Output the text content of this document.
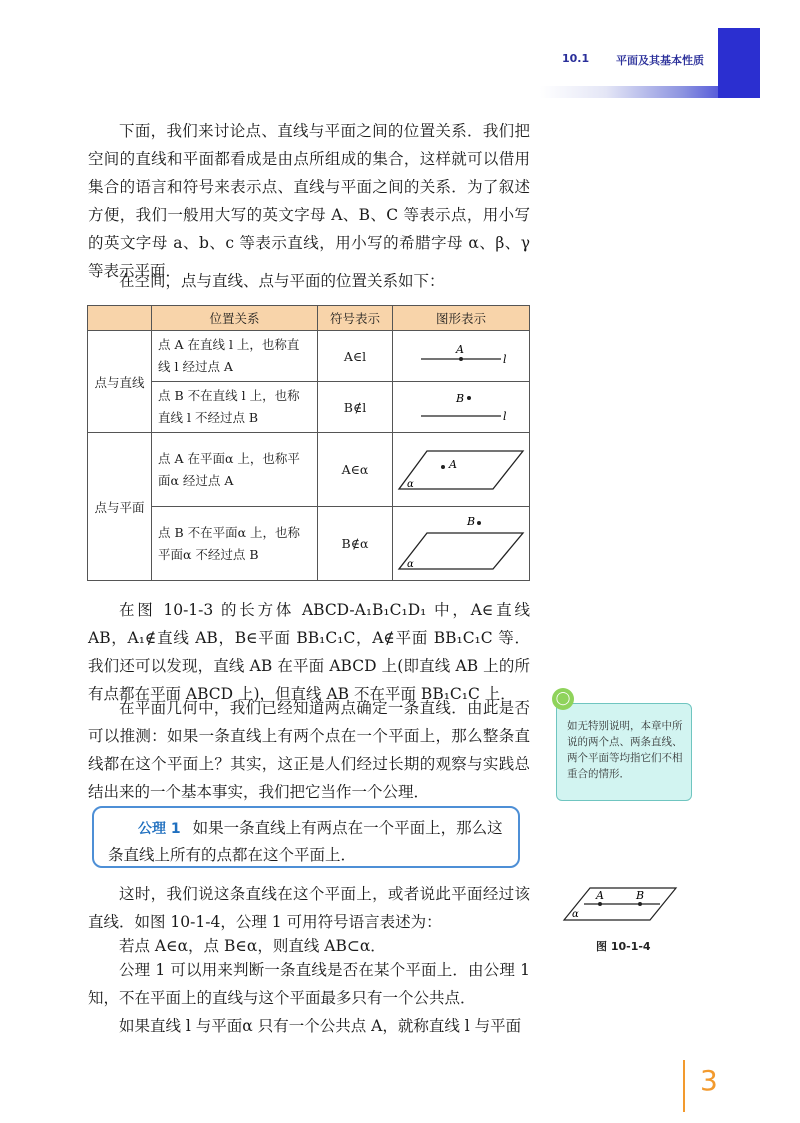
10.1 平面及其基本性质

下面，我们来讨论点、直线与平面之间的位置关系．我们把空间的直线和平面都看成是由点所组成的集合，这样就可以借用集合的语言和符号来表示点、直线与平面之间的关系．为了叙述方便，我们一般用大写的英文字母 A、B、C 等表示点，用小写的英文字母 a、b、c 等表示直线，用小写的希腊字母 α、β、γ 等表示平面．

在空间，点与直线、点与平面的位置关系如下：

	位置关系	符号表示	图形表示
点与直线	点 A 在直线 l 上，也称直线 l 经过点 A	A∈l	A
l

	点 B 不在直线 l 上，也称直线 l 不经过点 B	B∉l	B
l

点与平面	点 A 在平面α 上，也称平面α 经过点 A	A∈α	A
α

	点 B 不在平面α 上，也称平面α 不经过点 B	B∉α	B
α

在图 10-1-3 的长方体 ABCD-A₁B₁C₁D₁ 中，A∈直线 AB，A₁∉直线 AB，B∈平面 BB₁C₁C，A∉平面 BB₁C₁C 等．我们还可以发现，直线 AB 在平面 ABCD 上(即直线 AB 上的所有点都在平面 ABCD 上)，但直线 AB 不在平面 BB₁C₁C 上．

在平面几何中，我们已经知道两点确定一条直线．由此是否可以推测：如果一条直线上有两个点在一个平面上，那么整条直线都在这个平面上？其实，这正是人们经过长期的观察与实践总结出来的一个基本事实，我们把它当作一个公理．

公理 1 如果一条直线上有两点在一个平面上，那么这条直线上所有的点都在这个平面上．

这时，我们说这条直线在这个平面上，或者说此平面经过该直线．如图 10-1-4，公理 1 可用符号语言表述为：

若点 A∈α，点 B∈α，则直线 AB⊂α．

公理 1 可以用来判断一条直线是否在某个平面上．由公理 1 知，不在平面上的直线与这个平面最多只有一个公共点．

如果直线 l 与平面α 只有一个公共点 A，就称直线 l 与平面

如无特别说明，本章中所说的两个点、两条直线、两个平面等均指它们不相重合的情形．
◯
A	B
α
图 10-1-4
3
